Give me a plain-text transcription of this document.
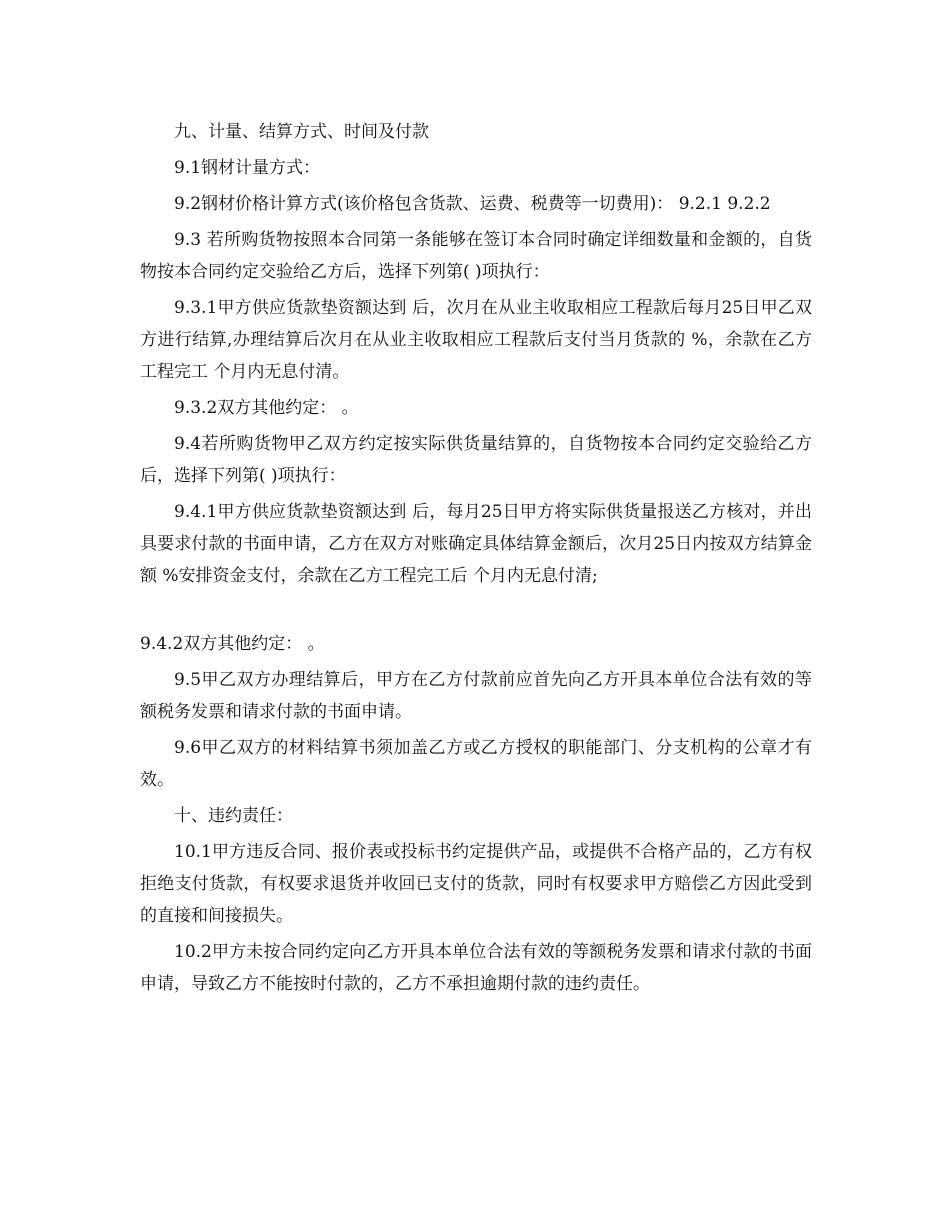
九、计量、结算方式、时间及付款

9.1钢材计量方式：

9.2钢材价格计算方式(该价格包含货款、运费、税费等一切费用)： 9.2.1 9.2.2

9.3 若所购货物按照本合同第一条能够在签订本合同时确定详细数量和金额的，自货物按本合同约定交验给乙方后，选择下列第( )项执行：

9.3.1甲方供应货款垫资额达到 后，次月在从业主收取相应工程款后每月25日甲乙双方进行结算,办理结算后次月在从业主收取相应工程款后支付当月货款的 %，余款在乙方工程完工 个月内无息付清。

9.3.2双方其他约定： 。

9.4若所购货物甲乙双方约定按实际供货量结算的，自货物按本合同约定交验给乙方后，选择下列第( )项执行：

9.4.1甲方供应货款垫资额达到 后，每月25日甲方将实际供货量报送乙方核对，并出具要求付款的书面申请，乙方在双方对账确定具体结算金额后，次月25日内按双方结算金额 %安排资金支付，余款在乙方工程完工后 个月内无息付清;

9.4.2双方其他约定： 。

9.5甲乙双方办理结算后，甲方在乙方付款前应首先向乙方开具本单位合法有效的等额税务发票和请求付款的书面申请。

9.6甲乙双方的材料结算书须加盖乙方或乙方授权的职能部门、分支机构的公章才有效。

十、违约责任：

10.1甲方违反合同、报价表或投标书约定提供产品，或提供不合格产品的，乙方有权拒绝支付货款，有权要求退货并收回已支付的货款，同时有权要求甲方赔偿乙方因此受到的直接和间接损失。

10.2甲方未按合同约定向乙方开具本单位合法有效的等额税务发票和请求付款的书面申请，导致乙方不能按时付款的，乙方不承担逾期付款的违约责任。
